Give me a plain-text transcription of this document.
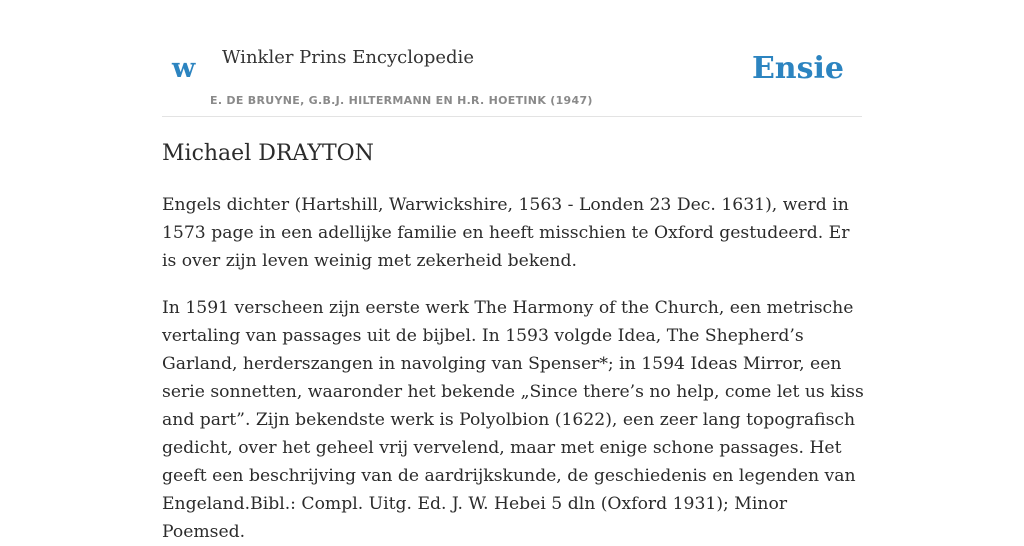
w Winkler Prins Encyclopedie
E. DE BRUYNE, G.B.J. HILTERMANN EN H.R. HOETINK (1947)
Ensie
Michael DRAYTON

Engels dichter (Hartshill, Warwickshire, 1563 - Londen 23 Dec. 1631), werd in 1573 page in een adellijke familie en heeft misschien te Oxford gestudeerd. Er is over zijn leven weinig met zekerheid bekend.

In 1591 verscheen zijn eerste werk The Harmony of the Church, een metrische vertaling van passages uit de bijbel. In 1593 volgde Idea, The Shepherd’s Garland, herderszangen in navolging van Spenser*; in 1594 Ideas Mirror, een serie sonnetten, waaronder het bekende „Since there’s no help, come let us kiss and part”. Zijn bekendste werk is Polyolbion (1622), een zeer lang topografisch gedicht, over het geheel vrij vervelend, maar met enige schone passages. Het geeft een beschrijving van de aardrijkskunde, de geschiedenis en legenden van Engeland.Bibl.: Compl. Uitg. Ed. J. W. Hebei 5 dln (Oxford 1931); Minor Poemsed.
